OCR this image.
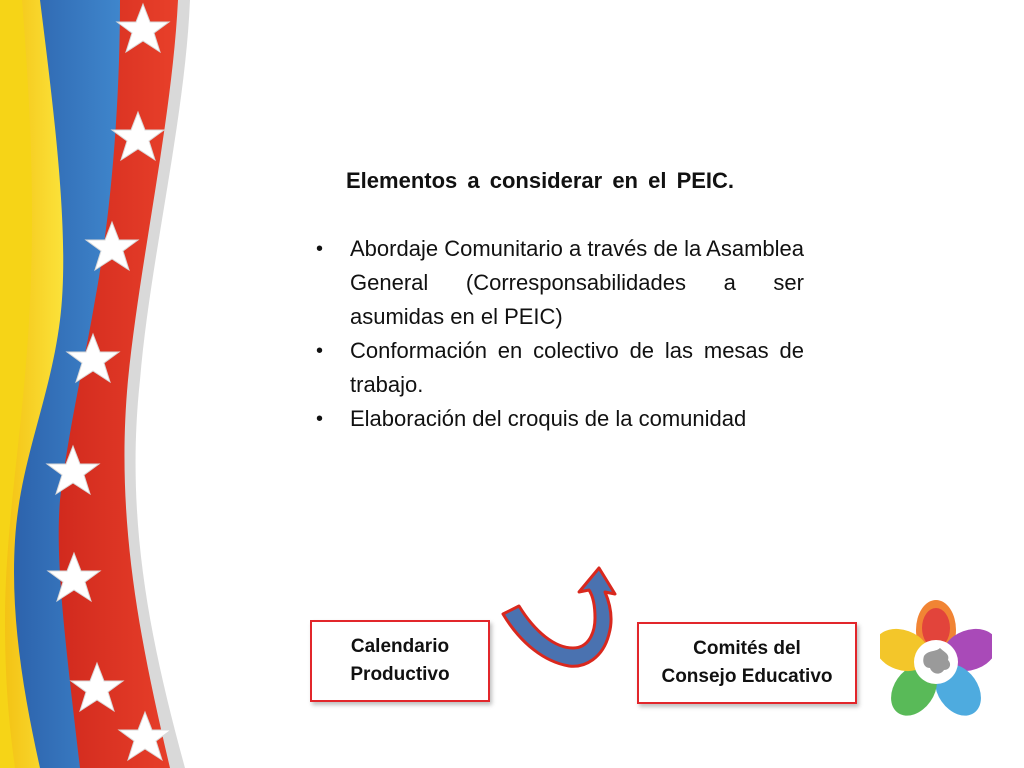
Elementos a considerar en el PEIC.
• Abordaje Comunitario a través de la Asamblea General (Corresponsabilidades a ser asumidas en el PEIC)
• Conformación en colectivo de las mesas de trabajo.
• Elaboración del croquis de la comunidad
Calendario
Productivo
Comités del
Consejo Educativo
